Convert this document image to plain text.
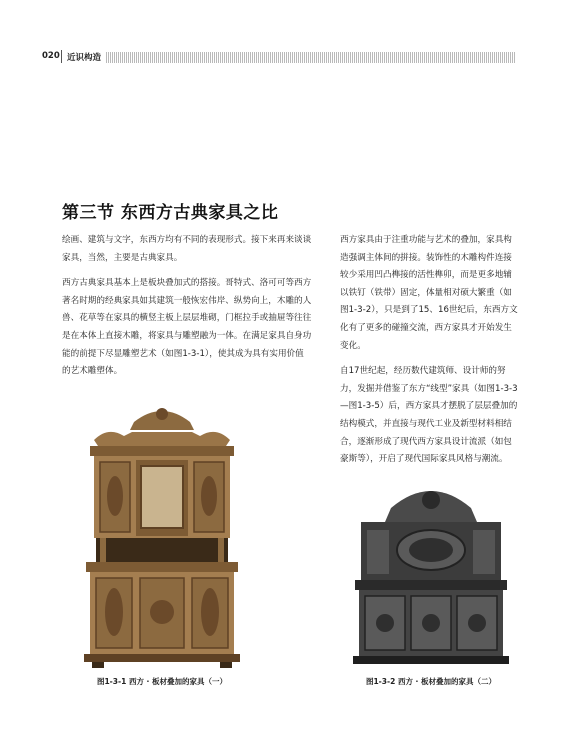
020 近识构造
第三节 东西方古典家具之比

绘画、建筑与文字，东西方均有不同的表现形式。接下来再来谈谈家具，当然，主要是古典家具。

西方古典家具基本上是板块叠加式的搭接。哥特式、洛可可等西方著名时期的经典家具如其建筑一般恢宏伟岸、纵势向上，木雕的人兽、花草等在家具的横竖主板上层层堆砌，门框拉手或抽屉等往往是在本体上直接木雕，将家具与雕塑融为一体。在满足家具自身功能的前提下尽显雕塑艺术（如图1-3-1），使其成为具有实用价值的艺术雕塑体。

西方家具由于注重功能与艺术的叠加，家具构造强调主体间的拼接。装饰性的木雕构件连接较少采用凹凸榫接的活性榫卯，而是更多地辅以铁钉（铁带）固定，体量相对硕大繁重（如图1-3-2），只是到了15、16世纪后，东西方文化有了更多的碰撞交流，西方家具才开始发生变化。

自17世纪起，经历数代建筑师、设计师的努力，发掘并借鉴了东方“线型”家具（如图1-3-3—图1-3-5）后，西方家具才摆脱了层层叠加的结构模式，并直接与现代工业及新型材料相结合，逐渐形成了现代西方家具设计流派（如包豪斯等），开启了现代国际家具风格与潮流。

图1-3-1 西方 · 板材叠加的家具（一）	图1-3-2 西方 · 板材叠加的家具（二）
